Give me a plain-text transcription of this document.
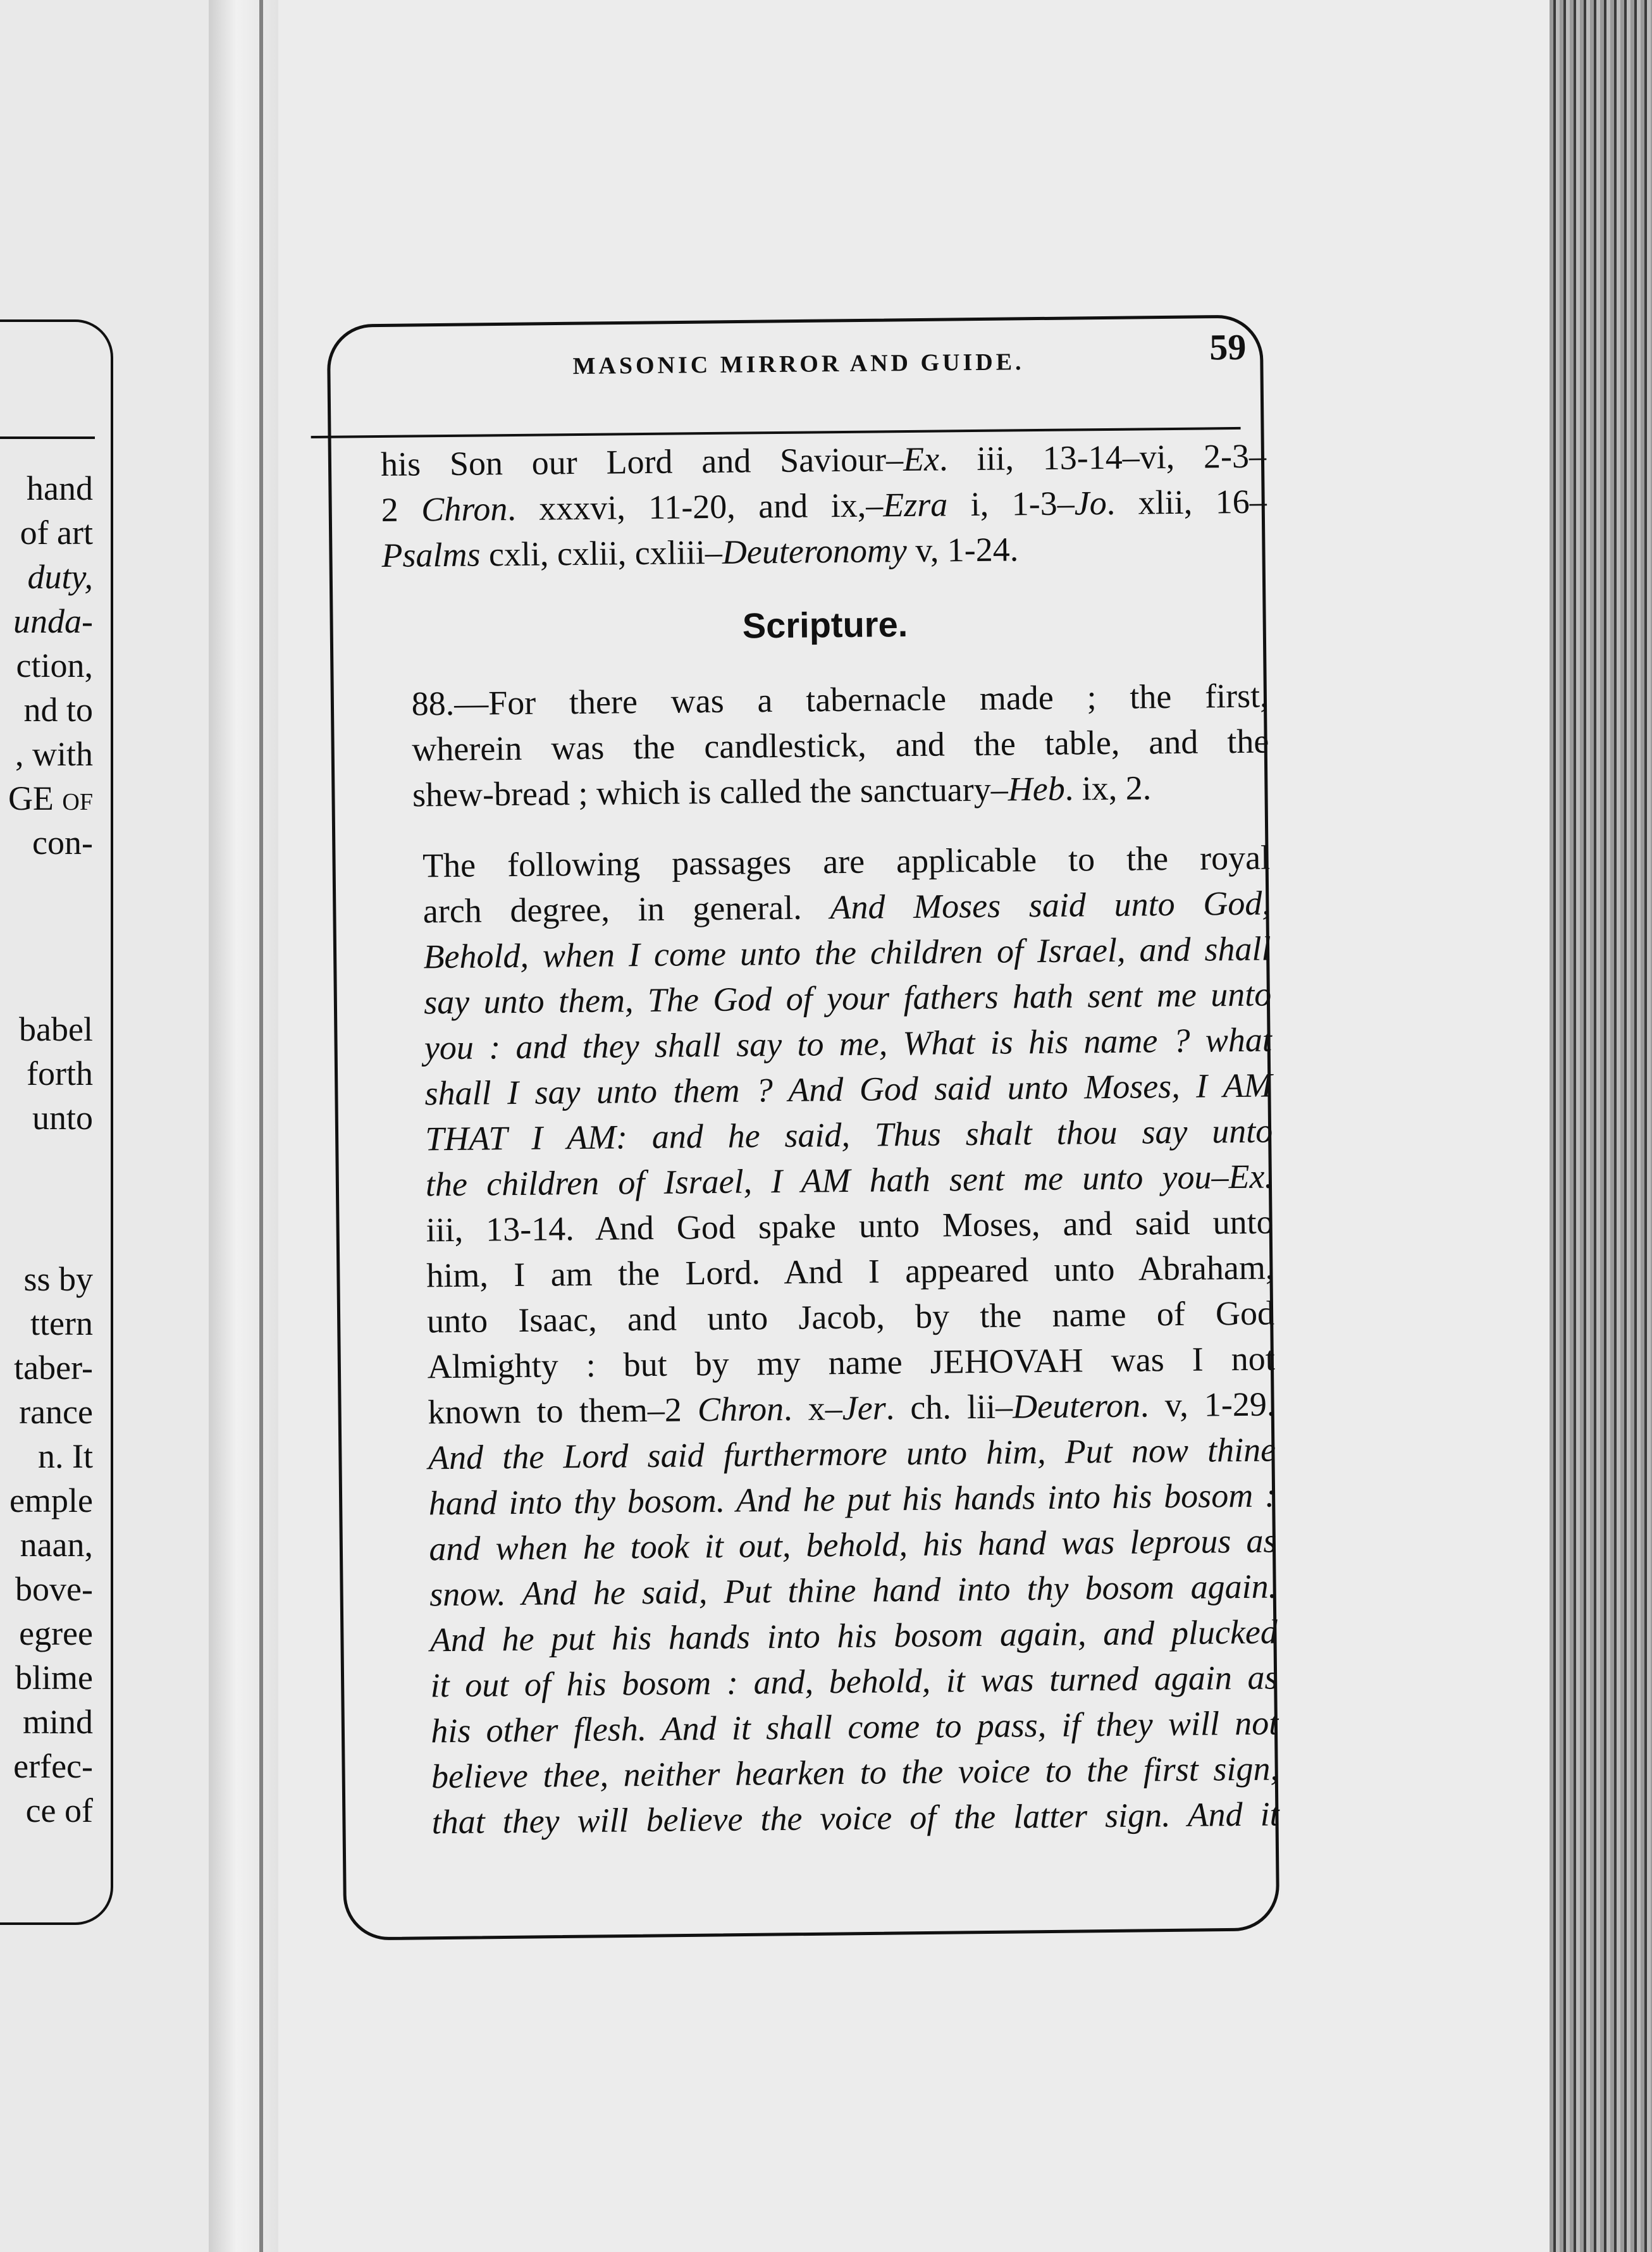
hand
of art
duty,
unda-
ction,
nd to
, with
GE of
con-
babel
forth
unto
ss by
ttern
taber-
rance
n. It
emple
naan,
bove-
egree
blime
mind
erfec-
ce of
MASONIC MIRROR AND GUIDE.	59
his Son our Lord and Saviour–Ex. iii, 13-14–vi, 2-3–
2 Chron. xxxvi, 11-20, and ix,–Ezra i, 1-3–Jo. xlii, 16–
Psalms cxli, cxlii, cxliii–Deuteronomy v, 1-24.
Scripture.
88.—For there was a tabernacle made ; the first,
wherein was the candlestick, and the table, and the
shew-bread ; which is called the sanctuary–Heb. ix, 2.
The following passages are applicable to the royal
arch degree, in general. And Moses said unto God,
Behold, when I come unto the children of Israel, and shall
say unto them, The God of your fathers hath sent me unto
you : and they shall say to me, What is his name ? what
shall I say unto them ? And God said unto Moses, I AM
THAT I AM: and he said, Thus shalt thou say unto
the children of Israel, I AM hath sent me unto you–Ex.
iii, 13-14. And God spake unto Moses, and said unto
him, I am the Lord. And I appeared unto Abraham,
unto Isaac, and unto Jacob, by the name of God
Almighty : but by my name JEHOVAH was I not
known to them–2 Chron. x–Jer. ch. lii–Deuteron. v, 1-29.
And the Lord said furthermore unto him, Put now thine
hand into thy bosom. And he put his hands into his bosom :
and when he took it out, behold, his hand was leprous as
snow. And he said, Put thine hand into thy bosom again.
And he put his hands into his bosom again, and plucked
it out of his bosom : and, behold, it was turned again as
his other flesh. And it shall come to pass, if they will not
believe thee, neither hearken to the voice to the first sign,
that they will believe the voice of the latter sign. And it
